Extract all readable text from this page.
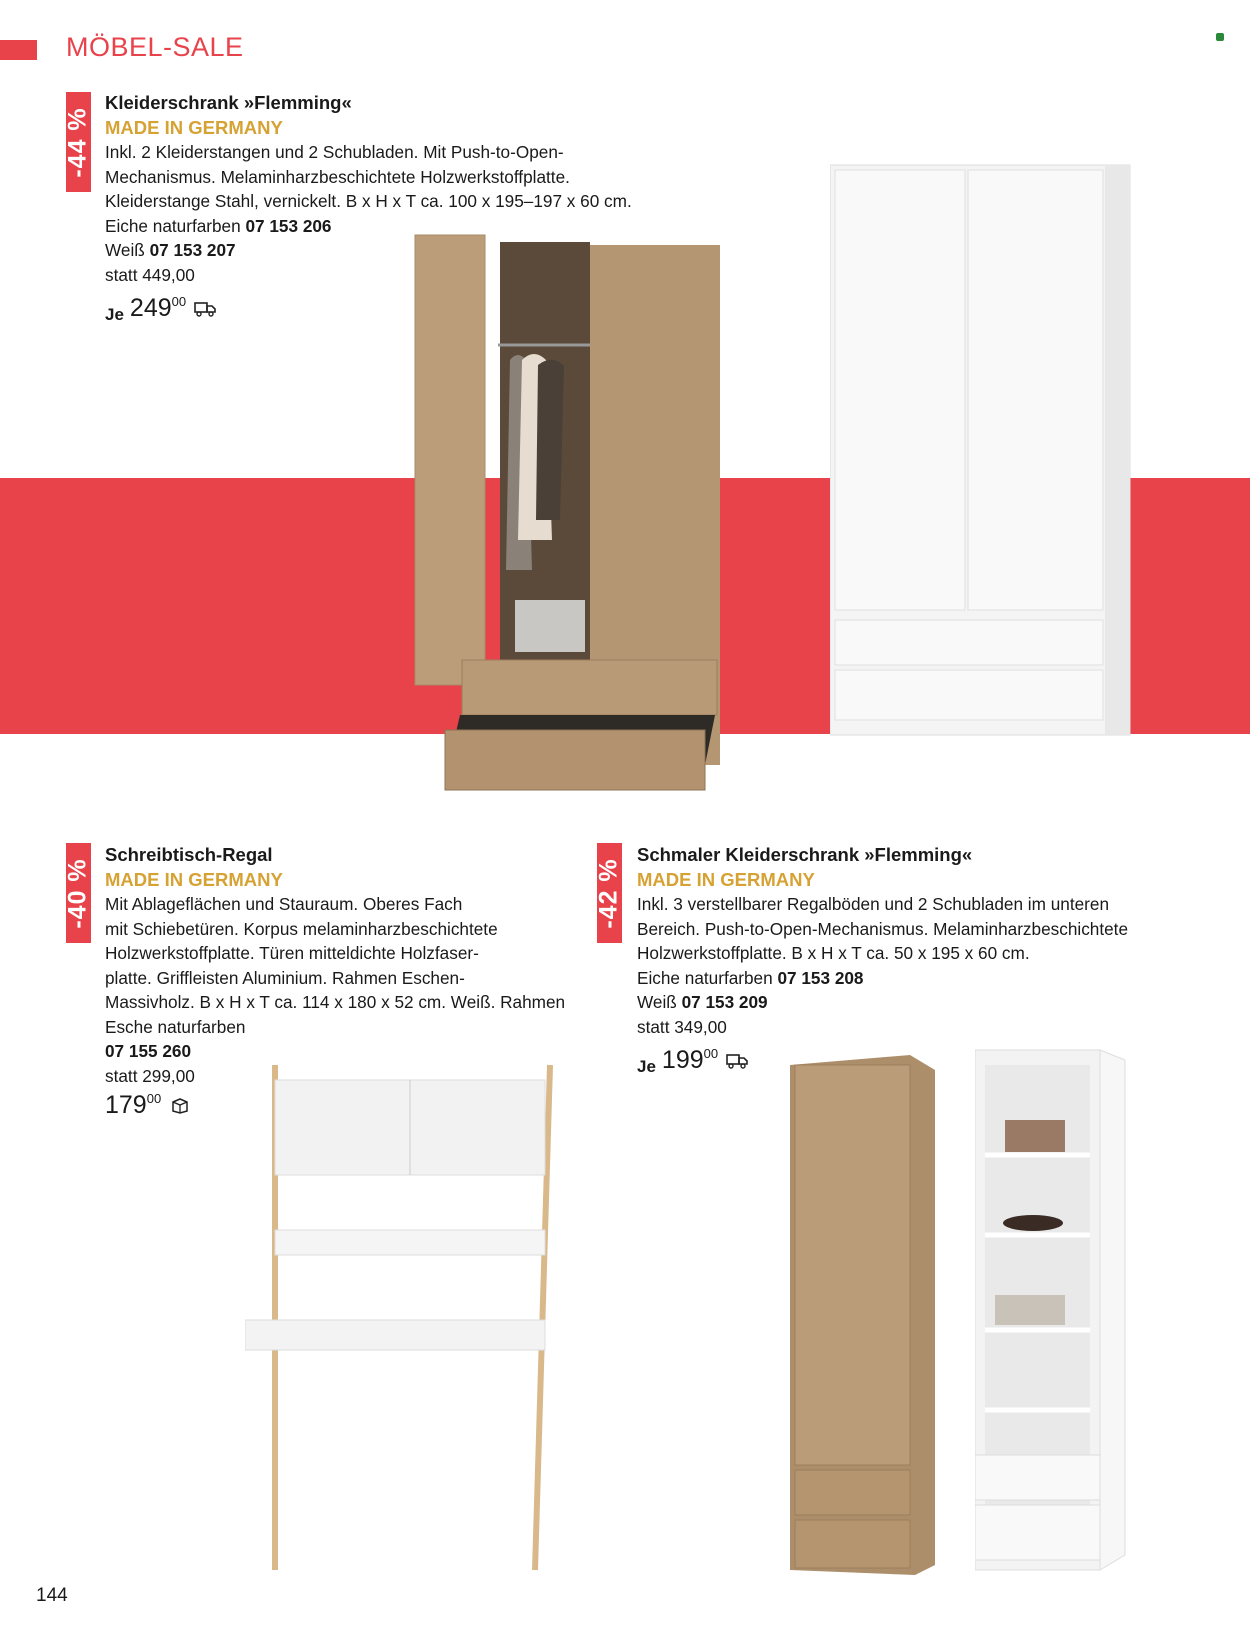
MÖBEL-SALE
-44 %
Kleiderschrank »Flemming«
MADE IN GERMANY
Inkl. 2 Kleiderstangen und 2 Schubladen. Mit Push-to-Open-
Mechanismus. Melaminharzbeschichtete Holzwerkstoffplatte.
Kleiderstange Stahl, vernickelt. B x H x T ca. 100 x 195–197 x 60 cm.
Eiche naturfarben 07 153 206
Weiß 07 153 207
statt 449,00
Je 249 00
-40 %
Schreibtisch-Regal
MADE IN GERMANY
Mit Ablageflächen und Stauraum. Oberes Fach
mit Schiebetüren. Korpus melaminharzbeschichtete
Holzwerkstoffplatte. Türen mitteldichte Holzfaser-
platte. Griffleisten Aluminium. Rahmen Eschen-
Massivholz. B x H x T ca. 114 x 180 x 52 cm. Weiß. Rahmen
Esche naturfarben
07 155 260
statt 299,00
179 00
-42 %
Schmaler Kleiderschrank »Flemming«
MADE IN GERMANY
Inkl. 3 verstellbarer Regalböden und 2 Schubladen im unteren
Bereich. Push-to-Open-Mechanismus. Melaminharzbeschichtete
Holzwerkstoffplatte. B x H x T ca. 50 x 195 x 60 cm.
Eiche naturfarben 07 153 208
Weiß 07 153 209
statt 349,00
Je 199 00
144
